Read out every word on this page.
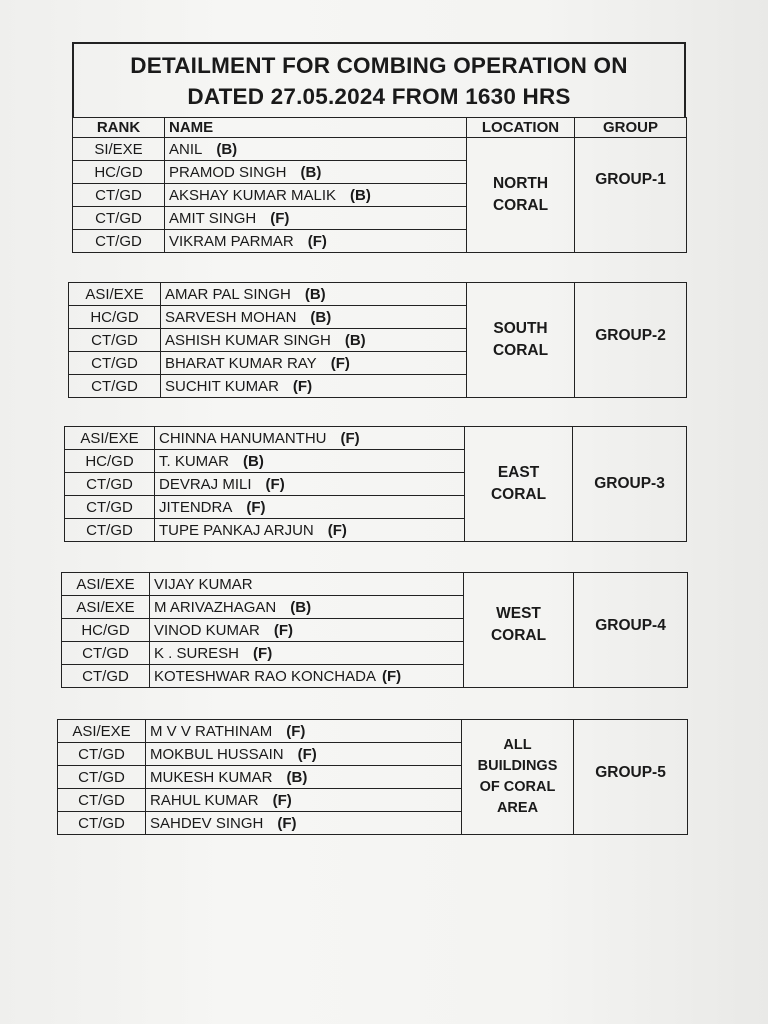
DETAILMENT FOR COMBING OPERATION ON
DATED 27.05.2024 FROM 1630 HRS
RANK	NAME	LOCATION	GROUP
SI/EXE	ANIL (B)	NORTH CORAL	GROUP-1
HC/GD	PRAMOD SINGH (B)		
CT/GD	AKSHAY KUMAR MALIK (B)		
CT/GD	AMIT SINGH (F)		
CT/GD	VIKRAM PARMAR (F)		
ASI/EXE	AMAR PAL SINGH (B)	SOUTH CORAL	GROUP-2
HC/GD	SARVESH MOHAN (B)		
CT/GD	ASHISH KUMAR SINGH (B)		
CT/GD	BHARAT KUMAR RAY (F)		
CT/GD	SUCHIT KUMAR (F)		
ASI/EXE	CHINNA HANUMANTHU (F)	EAST CORAL	GROUP-3
HC/GD	T. KUMAR (B)		
CT/GD	DEVRAJ MILI (F)		
CT/GD	JITENDRA (F)		
CT/GD	TUPE PANKAJ ARJUN (F)		
ASI/EXE	VIJAY KUMAR	WEST CORAL	GROUP-4
ASI/EXE	M ARIVAZHAGAN (B)		
HC/GD	VINOD KUMAR (F)		
CT/GD	K . SURESH (F)		
CT/GD	KOTESHWAR RAO KONCHADA (F)		
ASI/EXE	M V V RATHINAM (F)	ALL BUILDINGS OF CORAL AREA	GROUP-5
CT/GD	MOKBUL HUSSAIN (F)		
CT/GD	MUKESH KUMAR (B)		
CT/GD	RAHUL KUMAR (F)		
CT/GD	SAHDEV SINGH (F)		
